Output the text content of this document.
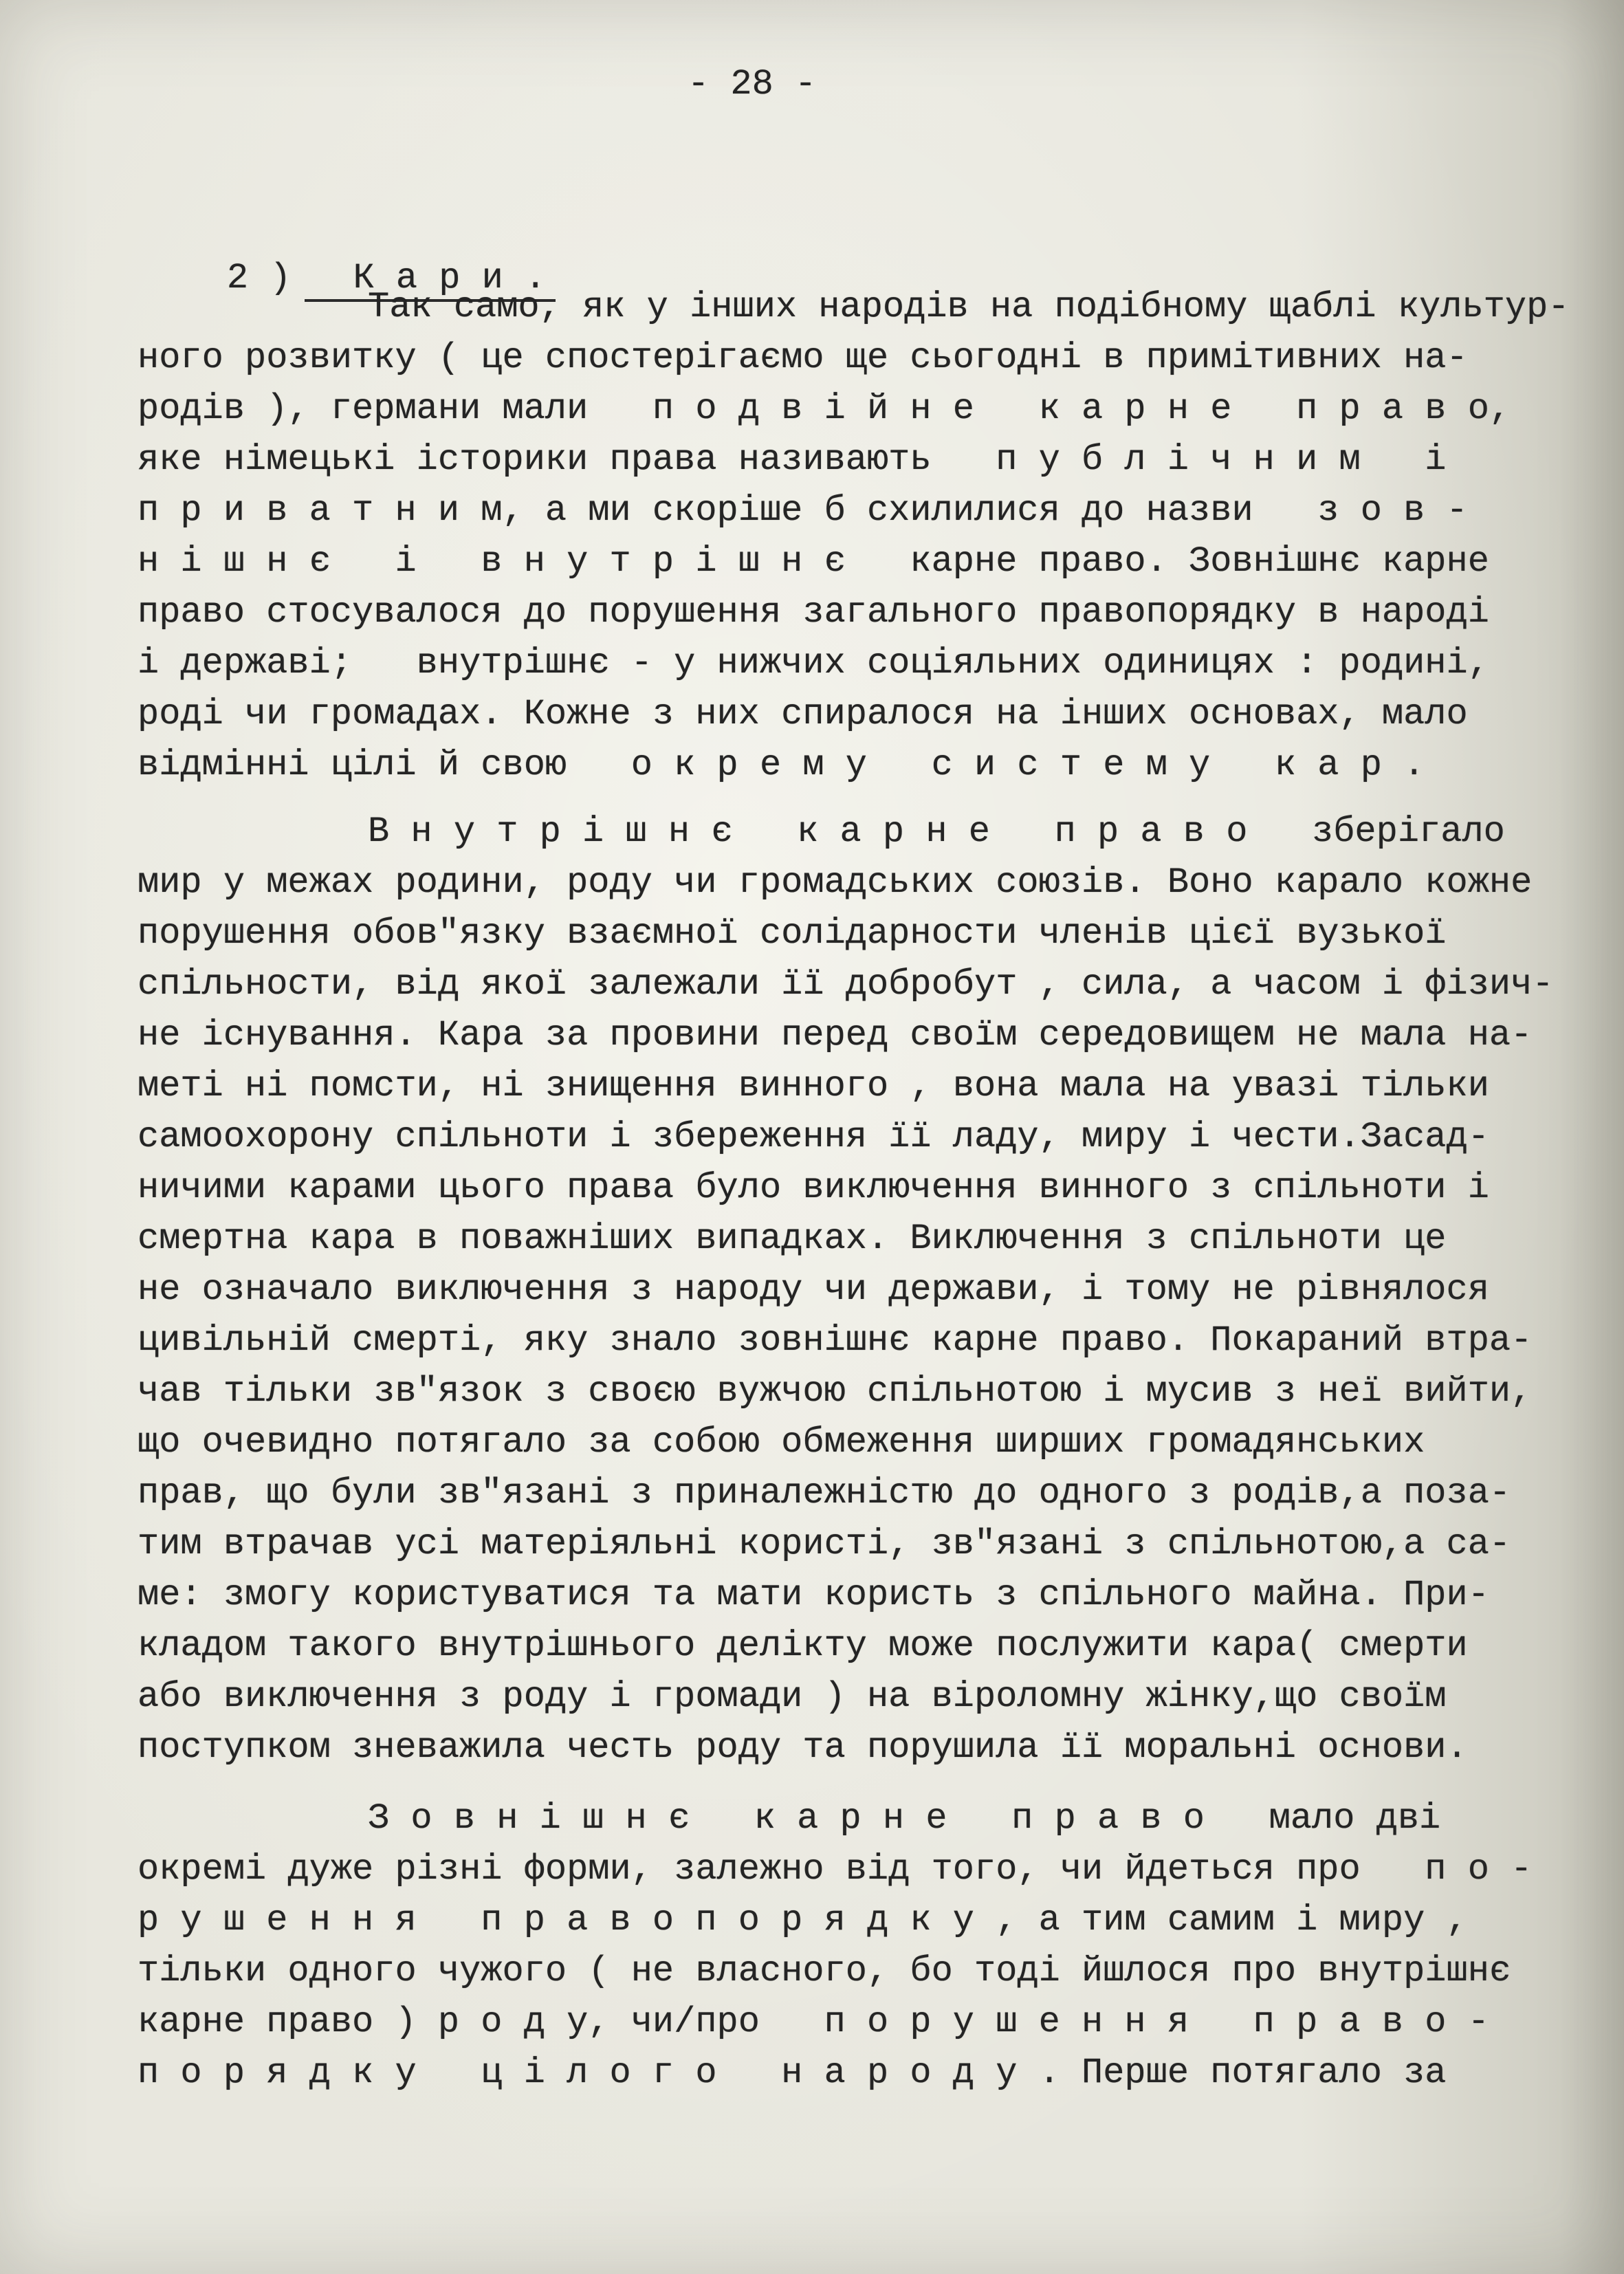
- 28 -

2 ) К а р и .

Так само, як у інших народів на подібному щаблі культур-
ного розвитку ( це спостерігаємо ще сьогодні в примітивних на-
родів ), германи мали   п о д в і й н е   к а р н е   п р а в о,
яке німецькі історики права називають   п у б л і ч н и м   і
п р и в а т н и м, а ми скоріше б схилилися до назви   з о в -
н і ш н є   і   в н у т р і ш н є   карне право. Зовнішнє карне
право стосувалося до порушення загального правопорядку в народі
і державі;   внутрішнє - у нижчих соціяльних одиницях : родині,
роді чи громадах. Кожне з них спиралося на інших основах, мало
відмінні цілі й свою   о к р е м у   с и с т е м у   к а р .
В н у т р і ш н є   к а р н е   п р а в о   зберігало
мир у межах родини, роду чи громадських союзів. Воно карало кожне
порушення обов"язку взаємної солідарности членів цієї вузької
спільности, від якої залежали її добробут , сила, а часом і фізич-
не існування. Кара за провини перед своїм середовищем не мала на-
меті ні помсти, ні знищення винного , вона мала на увазі тільки
самоохорону спільноти і збереження її ладу, миру і чести.Засад-
ничими карами цього права було виключення винного з спільноти і
смертна кара в поважніших випадках. Виключення з спільноти це
не означало виключення з народу чи держави, і тому не рівнялося
цивільній смерті, яку знало зовнішнє карне право. Покараний втра-
чав тільки зв"язок з своєю вужчою спільнотою і мусив з неї вийти,
що очевидно потягало за собою обмеження ширших громадянських
прав, що були зв"язані з приналежністю до одного з родів,а поза-
тим втрачав усі матеріяльні користі, зв"язані з спільнотою,а са-
ме: змогу користуватися та мати користь з спільного майна. При-
кладом такого внутрішнього делікту може послужити кара( смерти
або виключення з роду і громади ) на віроломну жінку,що своїм
поступком зневажила честь роду та порушила її моральні основи.
З о в н і ш н є   к а р н е   п р а в о   мало дві
окремі дуже різні форми, залежно від того, чи йдеться про   п о -
р у ш е н н я   п р а в о п о р я д к у , а тим самим і миру ,
тільки одного чужого ( не власного, бо тоді йшлося про внутрішнє
карне право ) р о д у, чи/про   п о р у ш е н н я   п р а в о -
п о р я д к у   ц і л о г о   н а р о д у . Перше потягало за
